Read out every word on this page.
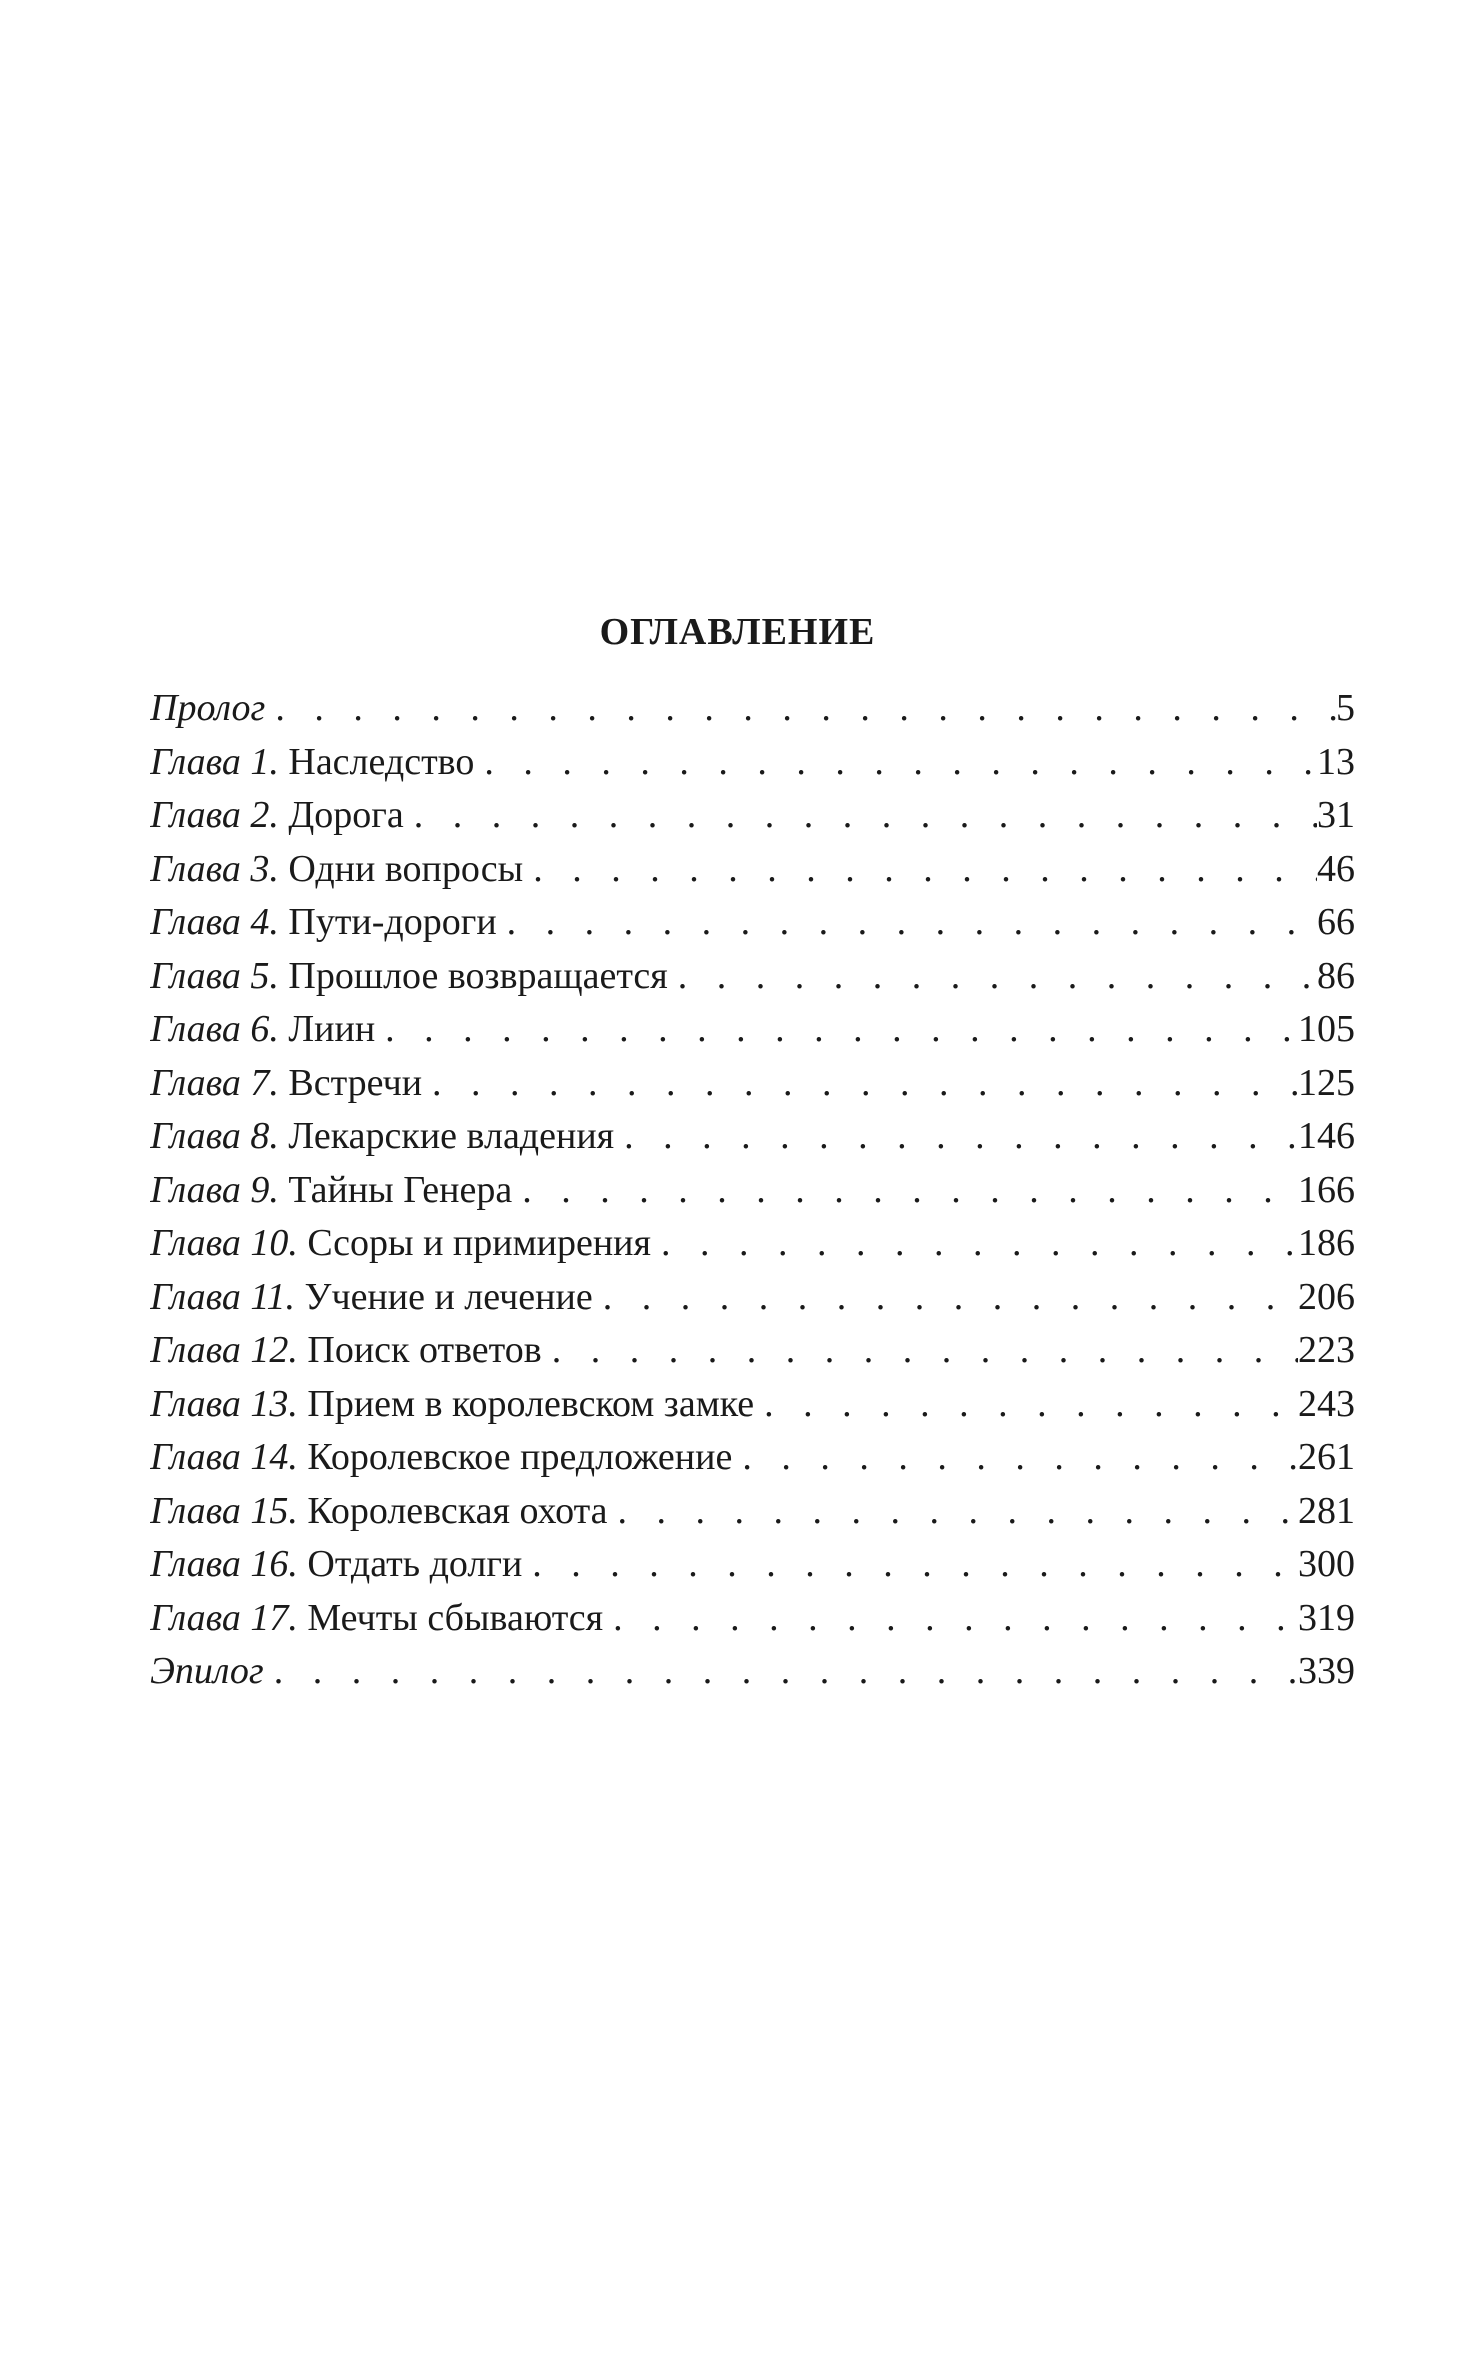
ОГЛАВЛЕНИЕ
Пролог . . .	5
Глава 1. Наследство . . .	13
Глава 2. Дорога . . .	31
Глава 3. Одни вопросы . . .	46
Глава 4. Пути-дороги . . .	66
Глава 5. Прошлое возвращается . . .	86
Глава 6. Лиин . . .	105
Глава 7. Встречи . . .	125
Глава 8. Лекарские владения . . .	146
Глава 9. Тайны Генера . . .	166
Глава 10. Ссоры и примирения . . .	186
Глава 11. Учение и лечение . . .	206
Глава 12. Поиск ответов . . .	223
Глава 13. Прием в королевском замке . . .	243
Глава 14. Королевское предложение . . .	261
Глава 15. Королевская охота . . .	281
Глава 16. Отдать долги . . .	300
Глава 17. Мечты сбываются . . .	319
Эпилог . . .	339
